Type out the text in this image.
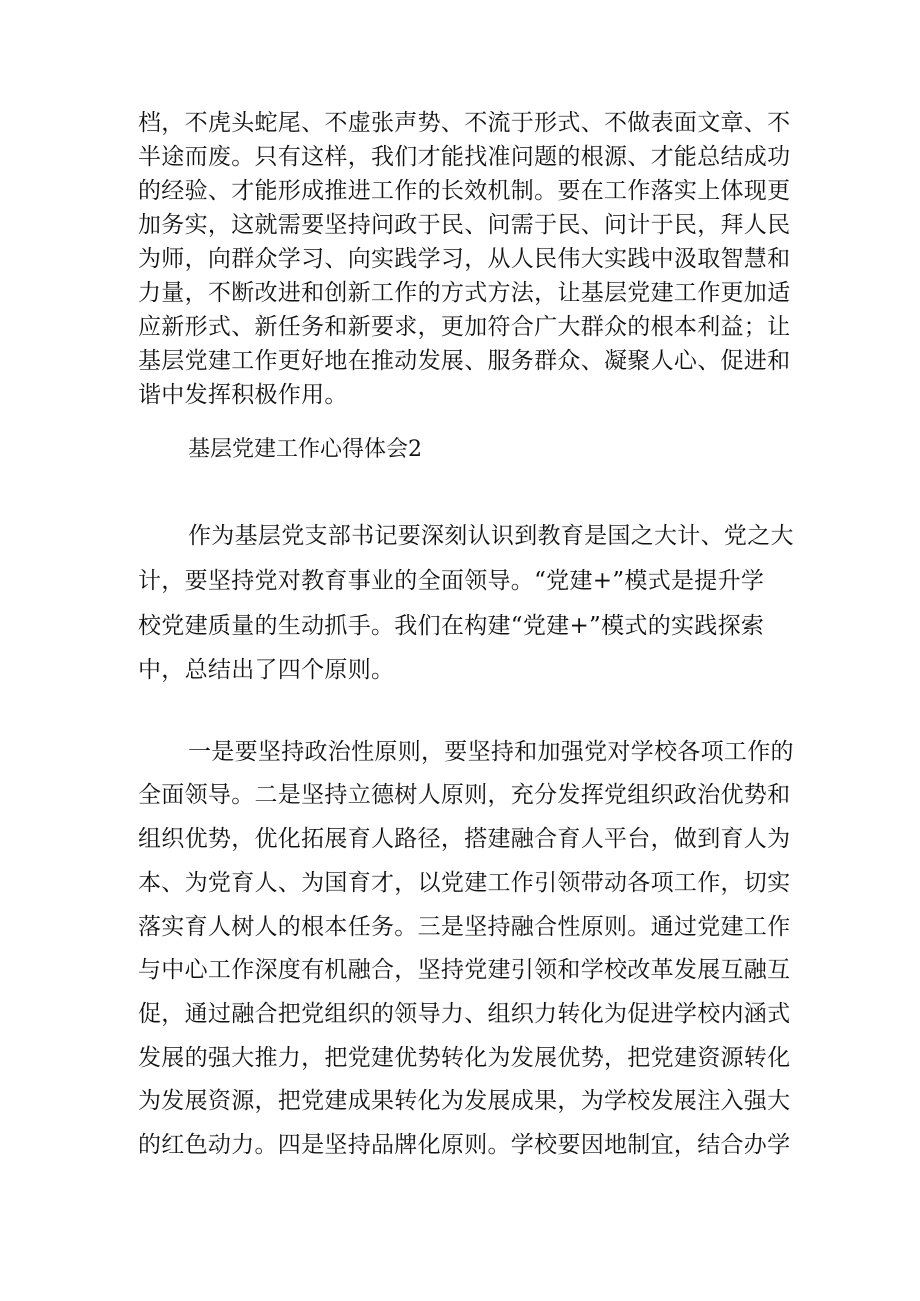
档，不虎头蛇尾、不虚张声势、不流于形式、不做表面文章、不
半途而废。只有这样，我们才能找准问题的根源、才能总结成功
的经验、才能形成推进工作的长效机制。要在工作落实上体现更
加务实，这就需要坚持问政于民、问需于民、问计于民，拜人民
为师，向群众学习、向实践学习，从人民伟大实践中汲取智慧和
力量，不断改进和创新工作的方式方法，让基层党建工作更加适
应新形式、新任务和新要求，更加符合广大群众的根本利益；让
基层党建工作更好地在推动发展、服务群众、凝聚人心、促进和
谐中发挥积极作用。
基层党建工作心得体会2
作为基层党支部书记要深刻认识到教育是国之大计、党之大
计，要坚持党对教育事业的全面领导。“党建+”模式是提升学
校党建质量的生动抓手。我们在构建“党建+”模式的实践探索
中，总结出了四个原则。
一是要坚持政治性原则，要坚持和加强党对学校各项工作的
全面领导。二是坚持立德树人原则，充分发挥党组织政治优势和
组织优势，优化拓展育人路径，搭建融合育人平台，做到育人为
本、为党育人、为国育才，以党建工作引领带动各项工作，切实
落实育人树人的根本任务。三是坚持融合性原则。通过党建工作
与中心工作深度有机融合，坚持党建引领和学校改革发展互融互
促，通过融合把党组织的领导力、组织力转化为促进学校内涵式
发展的强大推力，把党建优势转化为发展优势，把党建资源转化
为发展资源，把党建成果转化为发展成果，为学校发展注入强大
的红色动力。四是坚持品牌化原则。学校要因地制宜，结合办学
